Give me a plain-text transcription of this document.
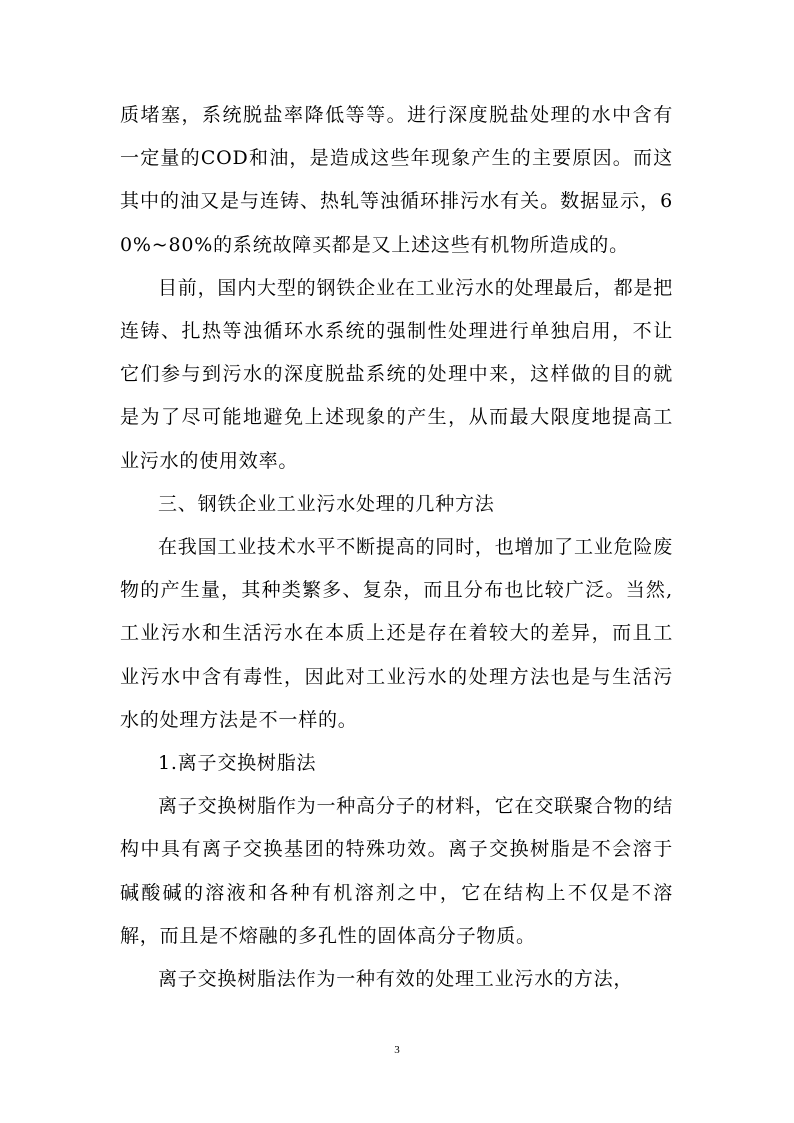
质堵塞，系统脱盐率降低等等。进行深度脱盐处理的水中含有一定量的COD和油，是造成这些年现象产生的主要原因。而这其中的油又是与连铸、热轧等浊循环排污水有关。数据显示，60%~80%的系统故障买都是又上述这些有机物所造成的。

目前，国内大型的钢铁企业在工业污水的处理最后，都是把连铸、扎热等浊循环水系统的强制性处理进行单独启用，不让它们参与到污水的深度脱盐系统的处理中来，这样做的目的就是为了尽可能地避免上述现象的产生，从而最大限度地提高工业污水的使用效率。

三、钢铁企业工业污水处理的几种方法

在我国工业技术水平不断提高的同时，也增加了工业危险废物的产生量，其种类繁多、复杂，而且分布也比较广泛。当然,工业污水和生活污水在本质上还是存在着较大的差异，而且工业污水中含有毒性，因此对工业污水的处理方法也是与生活污水的处理方法是不一样的。

1.离子交换树脂法

离子交换树脂作为一种高分子的材料，它在交联聚合物的结构中具有离子交换基团的特殊功效。离子交换树脂是不会溶于碱酸碱的溶液和各种有机溶剂之中，它在结构上不仅是不溶解，而且是不熔融的多孔性的固体高分子物质。

离子交换树脂法作为一种有效的处理工业污水的方法，

3
